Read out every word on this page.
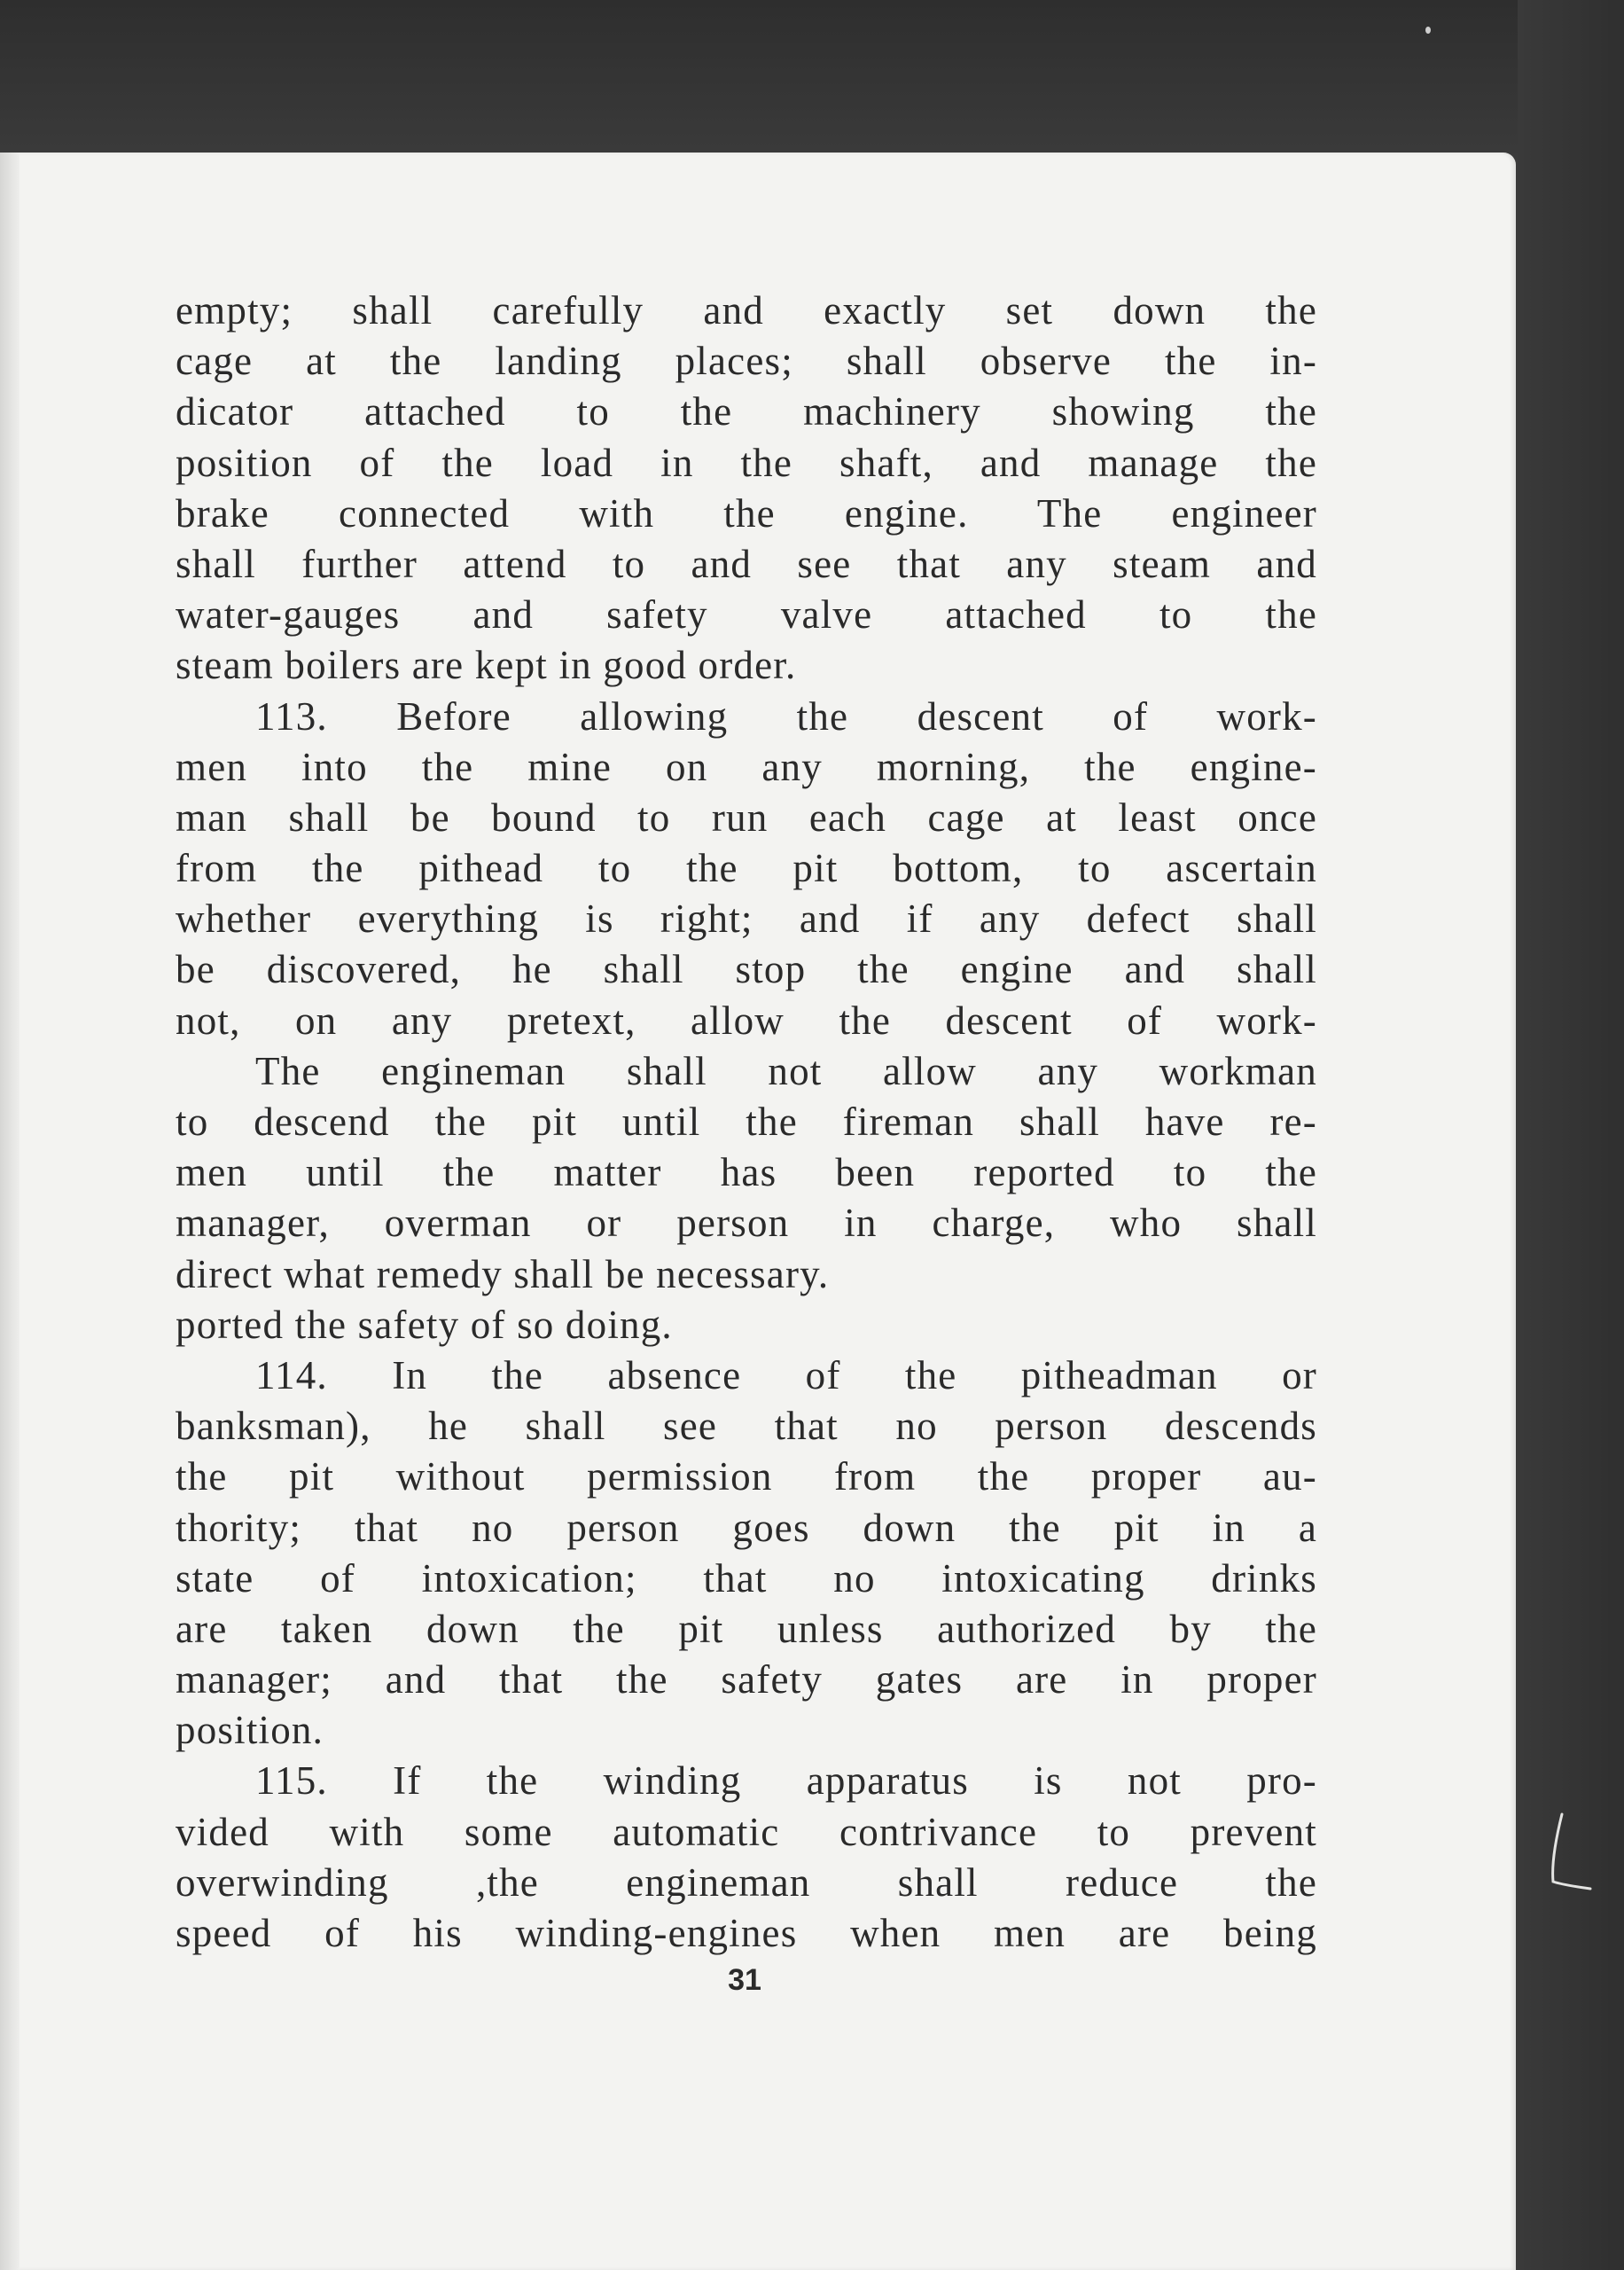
empty; shall carefully and exactly set down the
cage at the landing places; shall observe the in-
dicator attached to the machinery showing the
position of the load in the shaft, and manage the
brake connected with the engine. The engineer
shall further attend to and see that any steam and
water-gauges and safety valve attached to the
steam boilers are kept in good order.
113. Before allowing the descent of work-
men into the mine on any morning, the engine-
man shall be bound to run each cage at least once
from the pithead to the pit bottom, to ascertain
whether everything is right; and if any defect shall
be discovered, he shall stop the engine and shall
not, on any pretext, allow the descent of work-
The engineman shall not allow any workman
to descend the pit until the fireman shall have re-
men until the matter has been reported to the
manager, overman or person in charge, who shall
direct what remedy shall be necessary.
ported the safety of so doing.
114. In the absence of the pitheadman or
banksman), he shall see that no person descends
the pit without permission from the proper au-
thority; that no person goes down the pit in a
state of intoxication; that no intoxicating drinks
are taken down the pit unless authorized by the
manager; and that the safety gates are in proper
position.
115. If the winding apparatus is not pro-
vided with some automatic contrivance to prevent
overwinding ,the engineman shall reduce the
speed of his winding-engines when men are being
31
